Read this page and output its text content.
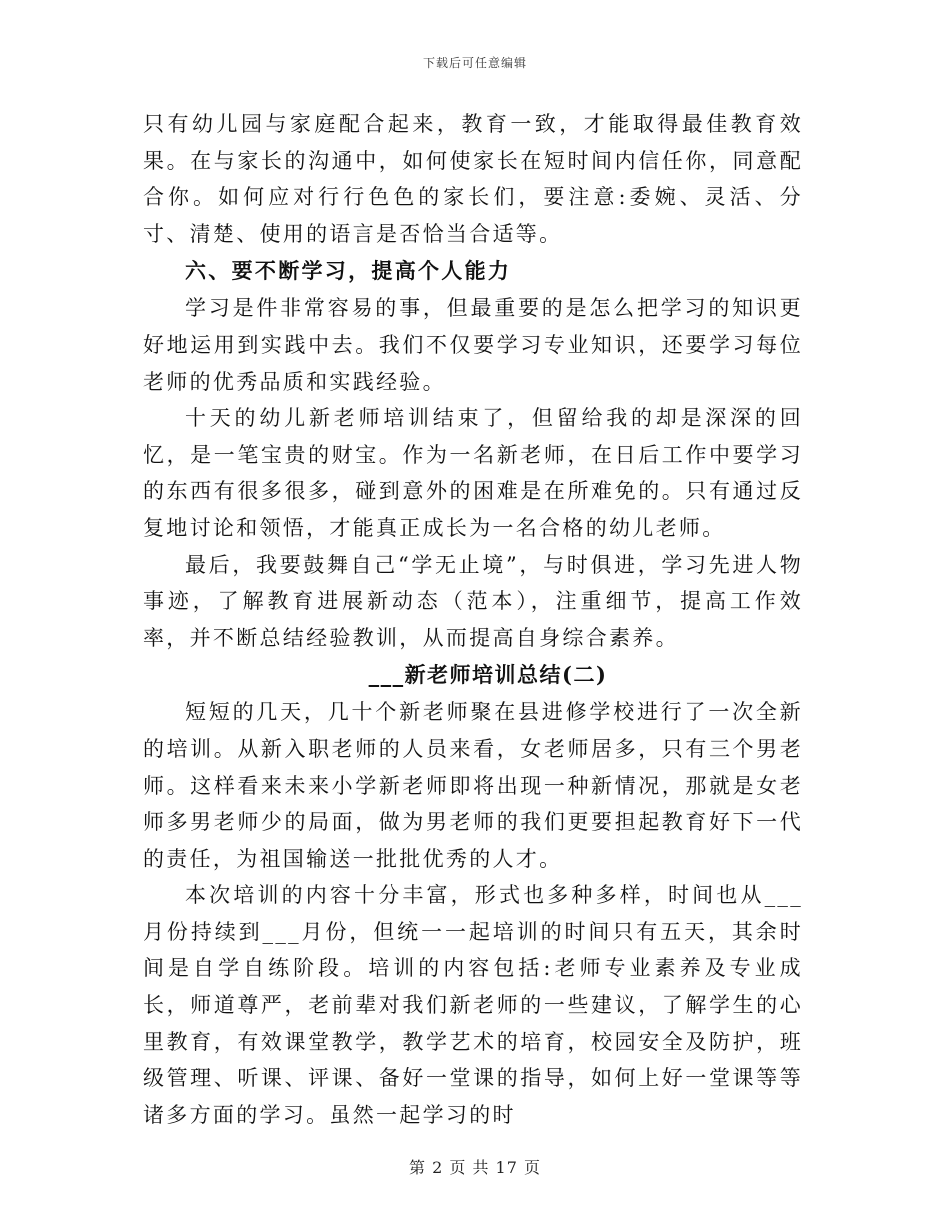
下载后可任意编辑

只有幼儿园与家庭配合起来，教育一致，才能取得最佳教育效果。在与家长的沟通中，如何使家长在短时间内信任你，同意配合你。如何应对行行色色的家长们，要注意:委婉、灵活、分寸、清楚、使用的语言是否恰当合适等。

六、要不断学习，提高个人能力

学习是件非常容易的事，但最重要的是怎么把学习的知识更好地运用到实践中去。我们不仅要学习专业知识，还要学习每位老师的优秀品质和实践经验。

十天的幼儿新老师培训结束了，但留给我的却是深深的回忆，是一笔宝贵的财宝。作为一名新老师，在日后工作中要学习的东西有很多很多，碰到意外的困难是在所难免的。只有通过反复地讨论和领悟，才能真正成长为一名合格的幼儿老师。

最后，我要鼓舞自己“学无止境”，与时俱进，学习先进人物事迹，了解教育进展新动态（范本），注重细节，提高工作效率，并不断总结经验教训，从而提高自身综合素养。

___新老师培训总结(二)

短短的几天，几十个新老师聚在县进修学校进行了一次全新的培训。从新入职老师的人员来看，女老师居多，只有三个男老师。这样看来未来小学新老师即将出现一种新情况，那就是女老师多男老师少的局面，做为男老师的我们更要担起教育好下一代的责任，为祖国输送一批批优秀的人才。

本次培训的内容十分丰富，形式也多种多样，时间也从___月份持续到___月份，但统一一起培训的时间只有五天，其余时间是自学自练阶段。培训的内容包括:老师专业素养及专业成长，师道尊严，老前辈对我们新老师的一些建议，了解学生的心里教育，有效课堂教学，教学艺术的培育，校园安全及防护，班级管理、听课、评课、备好一堂课的指导，如何上好一堂课等等诸多方面的学习。虽然一起学习的时

第 2 页 共 17 页
